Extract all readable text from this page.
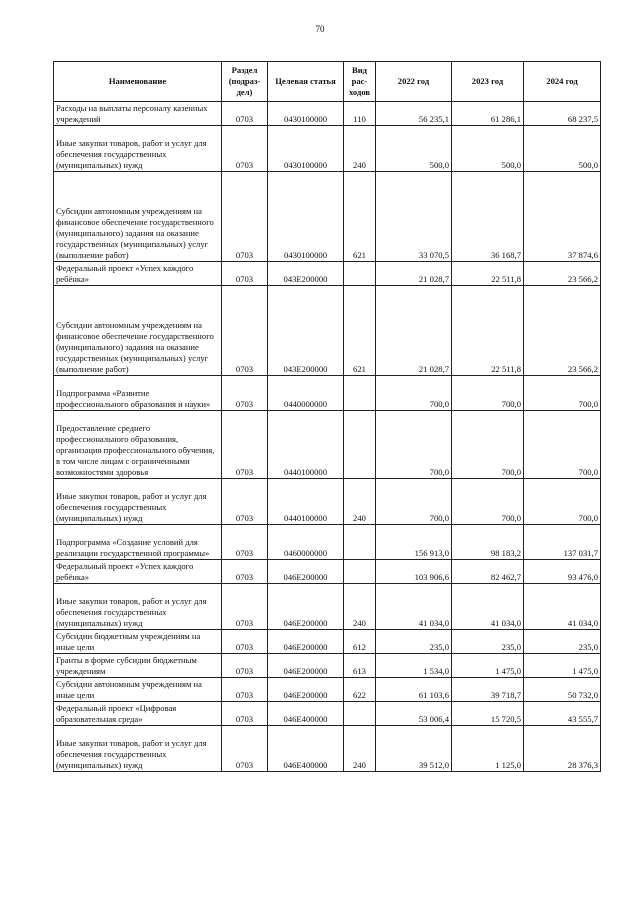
70
Наименование	Раздел (подраз-дел)	Целевая статья	Вид рас-ходов	2022 год	2023 год	2024 год
Расходы на выплаты персоналу казенных учреждений	0703	0430100000	110	56 235,1	61 286,1	68 237,5
Иные закупки товаров, работ и услуг для обеспечения государственных (муниципальных) нужд	0703	0430100000	240	500,0	500,0	500,0
Субсидии автономным учреждениям на финансовое обеспечение государственного (муниципального) задания на оказание государственных (муниципальных) услуг (выполнение работ)	0703	0430100000	621	33 070,5	36 168,7	37 874,6
Федеральный проект «Успех каждого ребёнка»	0703	043E200000		21 028,7	22 511,8	23 566,2
Субсидии автономным учреждениям на финансовое обеспечение государственного (муниципального) задания на оказание государственных (муниципальных) услуг (выполнение работ)	0703	043E200000	621	21 028,7	22 511,8	23 566,2
Подпрограмма «Развитие профессионального образования и науки»	0703	0440000000		700,0	700,0	700,0
Предоставление среднего профессионального образования, организация профессионального обучения, в том числе лицам с ограниченными возможностями здоровья	0703	0440100000		700,0	700,0	700,0
Иные закупки товаров, работ и услуг для обеспечения государственных (муниципальных) нужд	0703	0440100000	240	700,0	700,0	700,0
Подпрограмма «Создание условий для реализации государственной программы»	0703	0460000000		156 913,0	98 183,2	137 031,7
Федеральный проект «Успех каждого ребёнка»	0703	046E200000		103 906,6	82 462,7	93 476,0
Иные закупки товаров, работ и услуг для обеспечения государственных (муниципальных) нужд	0703	046E200000	240	41 034,0	41 034,0	41 034,0
Субсидии бюджетным учреждениям на иные цели	0703	046E200000	612	235,0	235,0	235,0
Гранты в форме субсидии бюджетным учреждениям	0703	046E200000	613	1 534,0	1 475,0	1 475,0
Субсидии автономным учреждениям на иные цели	0703	046E200000	622	61 103,6	39 718,7	50 732,0
Федеральный проект «Цифровая образовательная среда»	0703	046E400000		53 006,4	15 720,5	43 555,7
Иные закупки товаров, работ и услуг для обеспечения государственных (муниципальных) нужд	0703	046E400000	240	39 512,0	1 125,0	28 376,3
